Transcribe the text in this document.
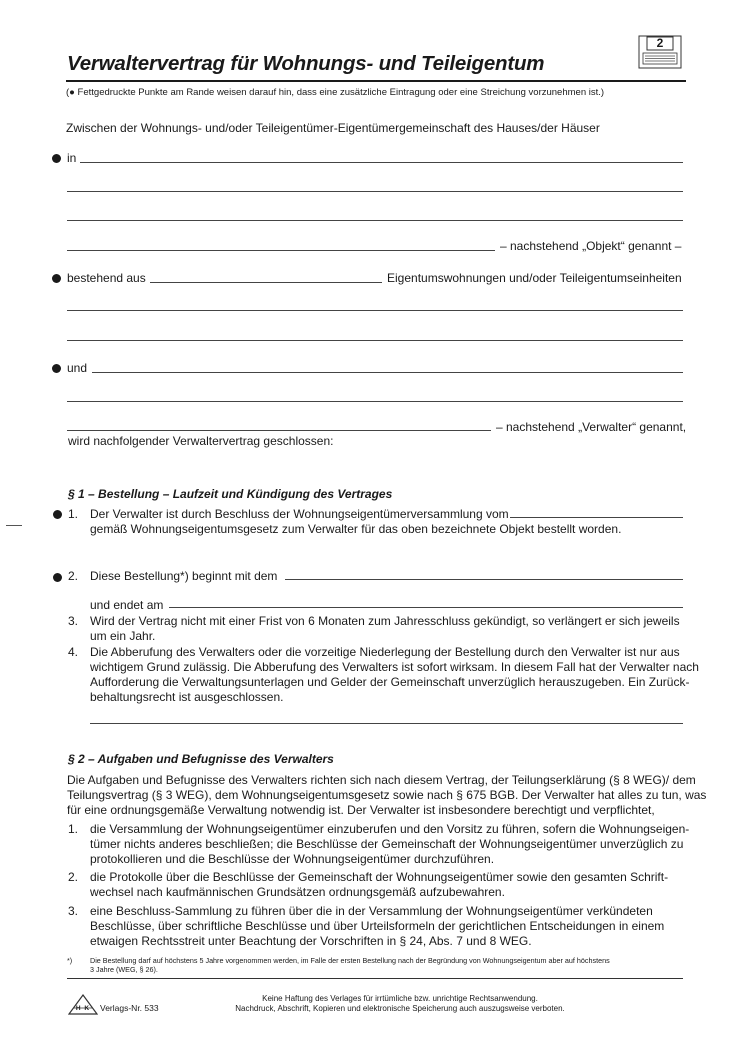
2
Verwaltervertrag für Wohnungs- und Teileigentum
(● Fettgedruckte Punkte am Rande weisen darauf hin, dass eine zusätzliche Eintragung oder eine Streichung vorzunehmen ist.)
Zwischen der Wohnungs- und/oder Teileigentümer-Eigentümergemeinschaft des Hauses/der Häuser
in
– nachstehend „Objekt“ genannt –
bestehend aus	Eigentumswohnungen und/oder Teileigentumseinheiten
und
– nachstehend „Verwalter“ genannt,
wird nachfolgender Verwaltervertrag geschlossen:
§ 1 – Bestellung – Laufzeit und Kündigung des Vertrages
1. Der Verwalter ist durch Beschluss der Wohnungseigentümerversammlung vom
gemäß Wohnungseigentumsgesetz zum Verwalter für das oben bezeichnete Objekt bestellt worden.
2. Diese Bestellung*) beginnt mit dem
und endet am
3. Wird der Vertrag nicht mit einer Frist von 6 Monaten zum Jahresschluss gekündigt, so verlängert er sich jeweils
um ein Jahr.
4. Die Abberufung des Verwalters oder die vorzeitige Niederlegung der Bestellung durch den Verwalter ist nur aus
wichtigem Grund zulässig. Die Abberufung des Verwalters ist sofort wirksam. In diesem Fall hat der Verwalter nach
Aufforderung die Verwaltungsunterlagen und Gelder der Gemeinschaft unverzüglich herauszugeben. Ein Zurück-
behaltungsrecht ist ausgeschlossen.
§ 2 – Aufgaben und Befugnisse des Verwalters
Die Aufgaben und Befugnisse des Verwalters richten sich nach diesem Vertrag, der Teilungserklärung (§ 8 WEG)/ dem
Teilungsvertrag (§ 3 WEG), dem Wohnungseigentumsgesetz sowie nach § 675 BGB. Der Verwalter hat alles zu tun, was
für eine ordnungsgemäße Verwaltung notwendig ist. Der Verwalter ist insbesondere berechtigt und verpflichtet,
1. die Versammlung der Wohnungseigentümer einzuberufen und den Vorsitz zu führen, sofern die Wohnungseigen-
tümer nichts anderes beschließen; die Beschlüsse der Gemeinschaft der Wohnungseigentümer unverzüglich zu
protokollieren und die Beschlüsse der Wohnungseigentümer durchzuführen.
2. die Protokolle über die Beschlüsse der Gemeinschaft der Wohnungseigentümer sowie den gesamten Schrift-
wechsel nach kaufmännischen Grundsätzen ordnungsgemäß aufzubewahren.
3. eine Beschluss-Sammlung zu führen über die in der Versammlung der Wohnungseigentümer verkündeten
Beschlüsse, über schriftliche Beschlüsse und über Urteilsformeln der gerichtlichen Entscheidungen in einem
etwaigen Rechtsstreit unter Beachtung der Vorschriften in § 24, Abs. 7 und 8 WEG.
*) Die Bestellung darf auf höchstens 5 Jahre vorgenommen werden, im Falle der ersten Bestellung nach der Begründung von Wohnungseigentum aber auf höchstens
3 Jahre (WEG, § 26).
H K Verlags-Nr. 533
Keine Haftung des Verlages für irrtümliche bzw. unrichtige Rechtsanwendung.
Nachdruck, Abschrift, Kopieren und elektronische Speicherung auch auszugsweise verboten.
